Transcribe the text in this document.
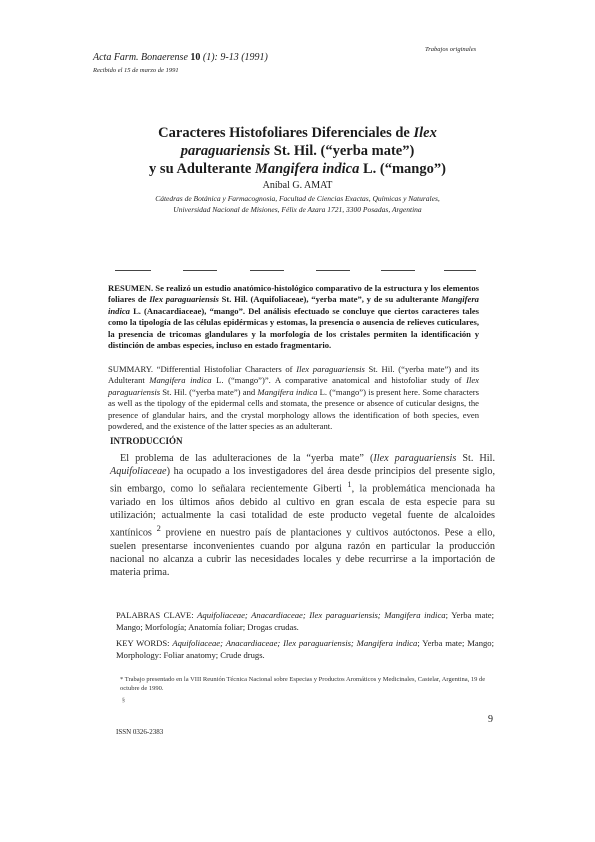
Acta Farm. Bonaerense 10 (1): 9-13 (1991)
Recibido el 15 de marzo de 1991
Trabajos originales
Caracteres Histofoliares Diferenciales de Ilex
paraguariensis St. Hil. (“yerba mate”)
y su Adulterante Mangifera indica L. (“mango”)
Aníbal G. AMAT
Cátedras de Botánica y Farmacognosia, Facultad de Ciencias Exactas, Químicas y Naturales,
Universidad Nacional de Misiones, Félix de Azara 1721, 3300 Posadas, Argentina
RESUMEN. Se realizó un estudio anatómico-histológico comparativo de la estructura y los elementos foliares de Ilex paraguariensis St. Hil. (Aquifoliaceae), “yerba mate”, y de su adulterante Mangifera indica L. (Anacardiaceae), “mango”. Del análisis efectuado se concluye que ciertos caracteres tales como la tipología de las células epidérmicas y estomas, la presencia o ausencia de relieves cuticulares, la presencia de tricomas glandulares y la morfología de los cristales permiten la identificación y distinción de ambas especies, incluso en estado fragmentario.
SUMMARY. “Differential Histofoliar Characters of Ilex paraguariensis St. Hil. (“yerba mate”) and its Adulterant Mangifera indica L. (“mango”)”. A comparative anatomical and histofoliar study of Ilex paraguariensis St. Hil. (“yerba mate”) and Mangifera indica L. (“mango”) is present here. Some characters as well as the tipology of the epidermal cells and stomata, the presence or absence of cuticular designs, the presence of glandular hairs, and the crystal morphology allows the identification of both species, even powdered, and the existence of the latter species as an adulterant.
INTRODUCCIÓN
El problema de las adulteraciones de la “yerba mate” (Ilex paraguariensis St. Hil. Aquifoliaceae) ha ocupado a los investigadores del área desde principios del presente siglo, sin embargo, como lo señalara recientemente Giberti $^1$, la problemática mencionada ha variado en los últimos años debido al cultivo en gran escala de esta especie para su utilización; actualmente la casi totalidad de este producto vegetal fuente de alcaloides xantínicos $^2$ proviene en nuestro país de plantaciones y cultivos autóctonos. Pese a ello, suelen presentarse inconvenientes cuando por alguna razón en particular la producción nacional no alcanza a cubrir las necesidades locales y debe recurrirse a la importación de materia prima.
PALABRAS CLAVE: Aquifoliaceae; Anacardiaceae; Ilex paraguariensis; Mangifera indica; Yerba mate; Mango; Morfología; Anatomía foliar; Drogas crudas.
KEY WORDS: Aquifoliaceae; Anacardiaceae; Ilex paraguariensis; Mangifera indica; Yerba mate; Mango; Morphology: Foliar anatomy; Crude drugs.
* Trabajo presentado en la VIII Reunión Técnica Nacional sobre Especias y Productos Aromáticos y Medicinales, Castelar, Argentina, 19 de octubre de 1990.
§
ISSN 0326-2383
9
